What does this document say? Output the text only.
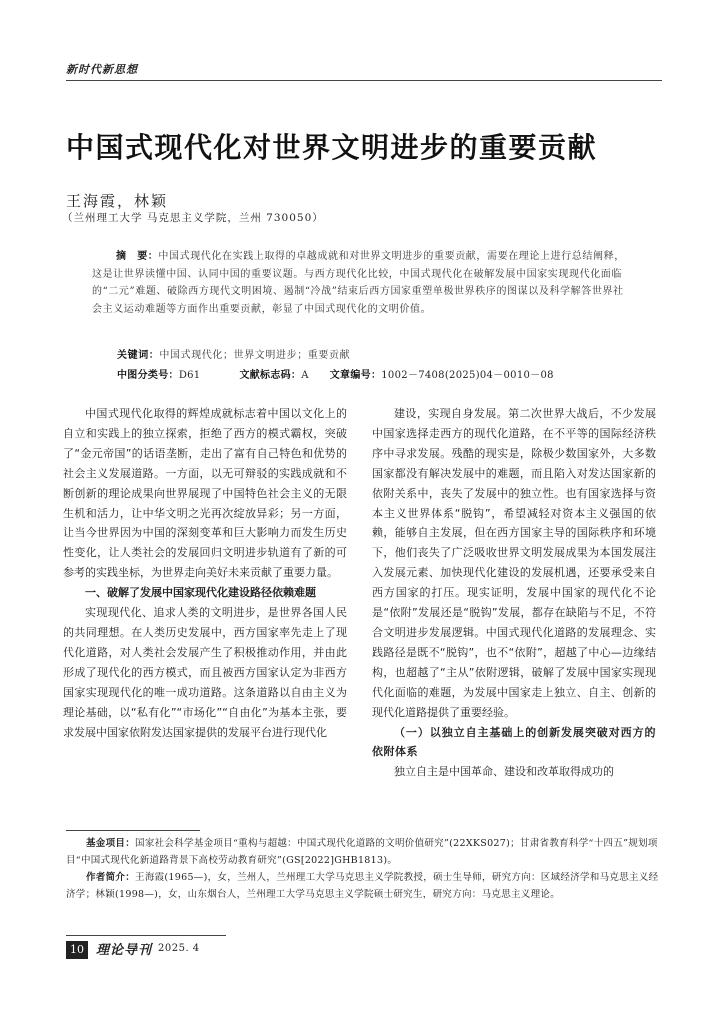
新时代新思想
中国式现代化对世界文明进步的重要贡献
王海霞，林颖
（兰州理工大学 马克思主义学院，兰州 730050）
摘　要：中国式现代化在实践上取得的卓越成就和对世界文明进步的重要贡献，需要在理论上进行总结阐释，这是让世界读懂中国、认同中国的重要议题。与西方现代化比较，中国式现代化在破解发展中国家实现现代化面临的“二元”难题、破除西方现代文明困境、遏制“冷战”结束后西方国家重塑单极世界秩序的图谋以及科学解答世界社会主义运动难题等方面作出重要贡献，彰显了中国式现代化的文明价值。
关键词：中国式现代化；世界文明进步；重要贡献
中图分类号：D61	文献标志码：A 文章编号：1002－7408(2025)04－0010－08

中国式现代化取得的辉煌成就标志着中国以文化上的自立和实践上的独立探索，拒绝了西方的模式霸权，突破了“金元帝国”的话语垄断，走出了富有自己特色和优势的社会主义发展道路。一方面，以无可辩驳的实践成就和不断创新的理论成果向世界展现了中国特色社会主义的无限生机和活力，让中华文明之光再次绽放异彩；另一方面，让当今世界因为中国的深刻变革和巨大影响力而发生历史性变化，让人类社会的发展回归文明进步轨道有了新的可参考的实践坐标，为世界走向美好未来贡献了重要力量。

一、破解了发展中国家现代化建设路径依赖难题

实现现代化、追求人类的文明进步，是世界各国人民的共同理想。在人类历史发展中，西方国家率先走上了现代化道路，对人类社会发展产生了积极推动作用，并由此形成了现代化的西方模式，而且被西方国家认定为非西方国家实现现代化的唯一成功道路。这条道路以自由主义为理论基础，以“私有化”“市场化”“自由化”为基本主张，要求发展中国家依附发达国家提供的发展平台进行现代化

建设，实现自身发展。第二次世界大战后，不少发展中国家选择走西方的现代化道路，在不平等的国际经济秩序中寻求发展。残酷的现实是，除极少数国家外，大多数国家都没有解决发展中的难题，而且陷入对发达国家新的依附关系中，丧失了发展中的独立性。也有国家选择与资本主义世界体系“脱钩”，希望减轻对资本主义强国的依赖，能够自主发展，但在西方国家主导的国际秩序和环境下，他们丧失了广泛吸收世界文明发展成果为本国发展注入发展元素、加快现代化建设的发展机遇，还要承受来自西方国家的打压。现实证明，发展中国家的现代化不论是“依附”发展还是“脱钩”发展，都存在缺陷与不足，不符合文明进步发展逻辑。中国式现代化道路的发展理念、实践路径是既不“脱钩”，也不“依附”，超越了中心—边缘结构，也超越了“主从”依附逻辑，破解了发展中国家实现现代化面临的难题，为发展中国家走上独立、自主、创新的现代化道路提供了重要经验。

（一）以独立自主基础上的创新发展突破对西方的依附体系

独立自主是中国革命、建设和改革取得成功的

基金项目：国家社会科学基金项目“重构与超越：中国式现代化道路的文明价值研究”(22XKS027)；甘肃省教育科学“十四五”规划项目“中国式现代化新道路背景下高校劳动教育研究”(GS[2022]GHB1813)。
作者简介：王海霞(1965—)，女，兰州人，兰州理工大学马克思主义学院教授，硕士生导师，研究方向：区域经济学和马克思主义经济学；林颖(1998—)，女，山东烟台人，兰州理工大学马克思主义学院硕士研究生，研究方向：马克思主义理论。
10 理论导刊 2025. 4
